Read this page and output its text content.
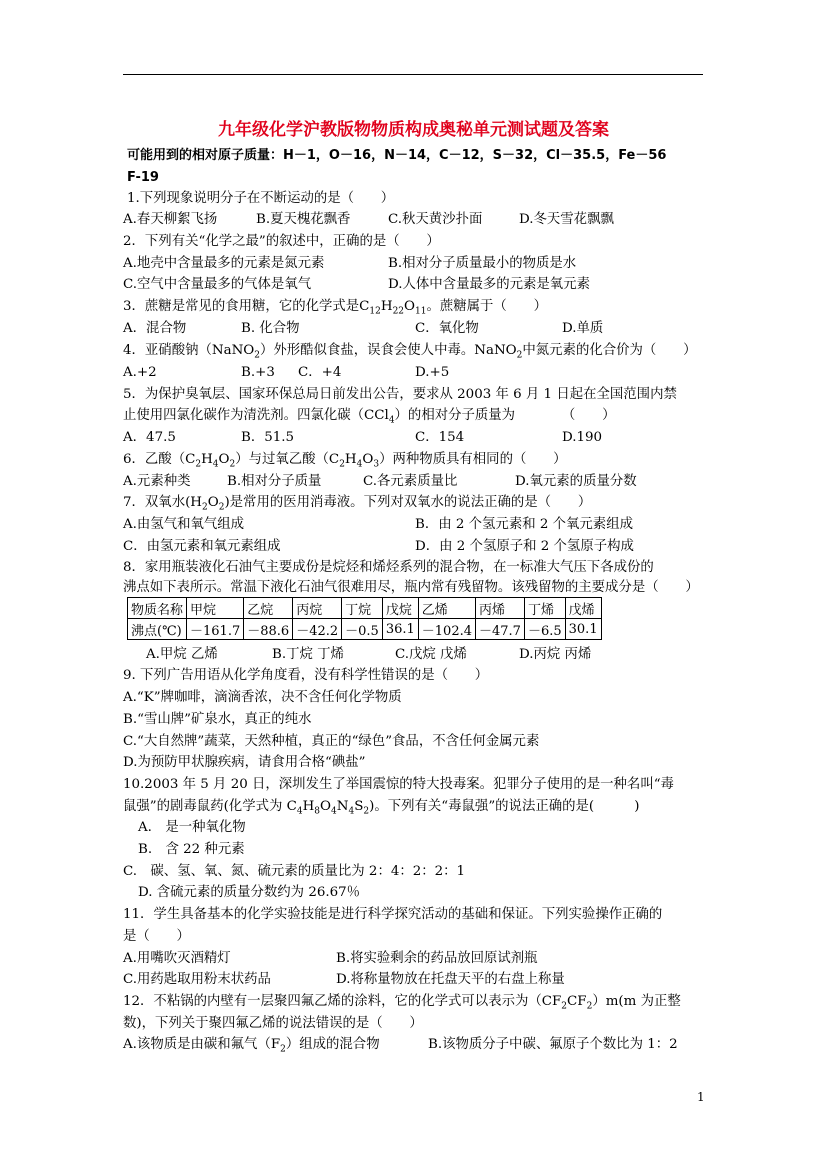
九年级化学沪教版物物质构成奥秘单元测试题及答案
可能用到的相对原子质量：H－1，O－16，N－14，C－12，S－32，Cl－35.5，Fe－56
F-19
1.下列现象说明分子在不断运动的是（　　）
A.春天柳絮飞扬	B.夏天槐花飘香	C.秋天黄沙扑面	D.冬天雪花飘飘
2．下列有关“化学之最”的叙述中，正确的是（　　）
A.地壳中含量最多的元素是氮元素	B.相对分子质量最小的物质是水
C.空气中含量最多的气体是氧气	D.人体中含量最多的元素是氧元素
3．蔗糖是常见的食用糖，它的化学式是$C_{12}H_{22}O_{11}$。蔗糖属于（　　）
A．混合物	B. 化合物	C．氧化物	D.单质
4．亚硝酸钠（NaNO$_2$）外形酷似食盐，误食会使人中毒。NaNO$_2$中氮元素的化合价为（　　）
A.+2	B.+3 C．+4	D.+5
5．为保护臭氧层、国家环保总局日前发出公告，要求从 2003 年 6 月 1 日起在全国范围内禁
止使用四氯化碳作为清洗剂。四氯化碳（CCl$_4$）的相对分子质量为　　　　（　　）
A．47.5	B．51.5	C．154	D.190
6．乙酸$(C_2H_4O_2)$与过氧乙酸$(C_2H_4O_3)$两种物质具有相同的（　　）
A.元素种类	B.相对分子质量	C.各元素质量比	D.氧元素的质量分数
7．双氧水$(H_2O_2)$是常用的医用消毒液。下列对双氧水的说法正确的是（　　）
A.由氢气和氧气组成	B．由 2 个氢元素和 2 个氧元素组成
C．由氢元素和氧元素组成	D．由 2 个氢原子和 2 个氢原子构成
8．家用瓶装液化石油气主要成份是烷烃和烯烃系列的混合物，在一标准大气压下各成份的
沸点如下表所示。常温下液化石油气很难用尽，瓶内常有残留物。该残留物的主要成分是（　　）
物质名称	甲烷	乙烷	丙烷	丁烷	戊烷	乙烯	丙烯	丁烯	戊烯
沸点(℃)	－161.7	－88.6	－42.2	－0.5	36.1	－102.4	－47.7	－6.5	30.1
A.甲烷 乙烯	B.丁烷 丁烯	C.戊烷 戊烯	D.丙烷 丙烯
9. 下列广告用语从化学角度看，没有科学性错误的是（　　）
A.“K”牌咖啡，滴滴香浓，决不含任何化学物质
B.“雪山牌”矿泉水，真正的纯水
C.“大自然牌”蔬菜，天然种植，真正的“绿色”食品，不含任何金属元素
D.为预防甲状腺疾病，请食用合格“碘盐”
10.2003 年 5 月 20 日，深圳发生了举国震惊的特大投毒案。犯罪分子使用的是一种名叫“毒
鼠强”的剧毒鼠药(化学式为 $C_4H_8O_4N_4S_2$)。下列有关“毒鼠强”的说法正确的是(　　　)
A.　是一种氧化物
B.　含 22 种元素
C.　碳、氢、氧、氮、硫元素的质量比为 2：4：2：2：1
D. 含硫元素的质量分数约为 26.67％
11．学生具备基本的化学实验技能是进行科学探究活动的基础和保证。下列实验操作正确的
是（　　）
A.用嘴吹灭酒精灯	B.将实验剩余的药品放回原试剂瓶
C.用药匙取用粉末状药品	D.将称量物放在托盘天平的右盘上称量
12．不粘锅的内壁有一层聚四氟乙烯的涂料，它的化学式可以表示为$(CF_2CF_2)m(m$ 为正整
数)，下列关于聚四氟乙烯的说法错误的是（　　）
A.该物质是由碳和氟气$(F_2)$组成的混合物	B.该物质分子中碳、氟原子个数比为 1：2
1
